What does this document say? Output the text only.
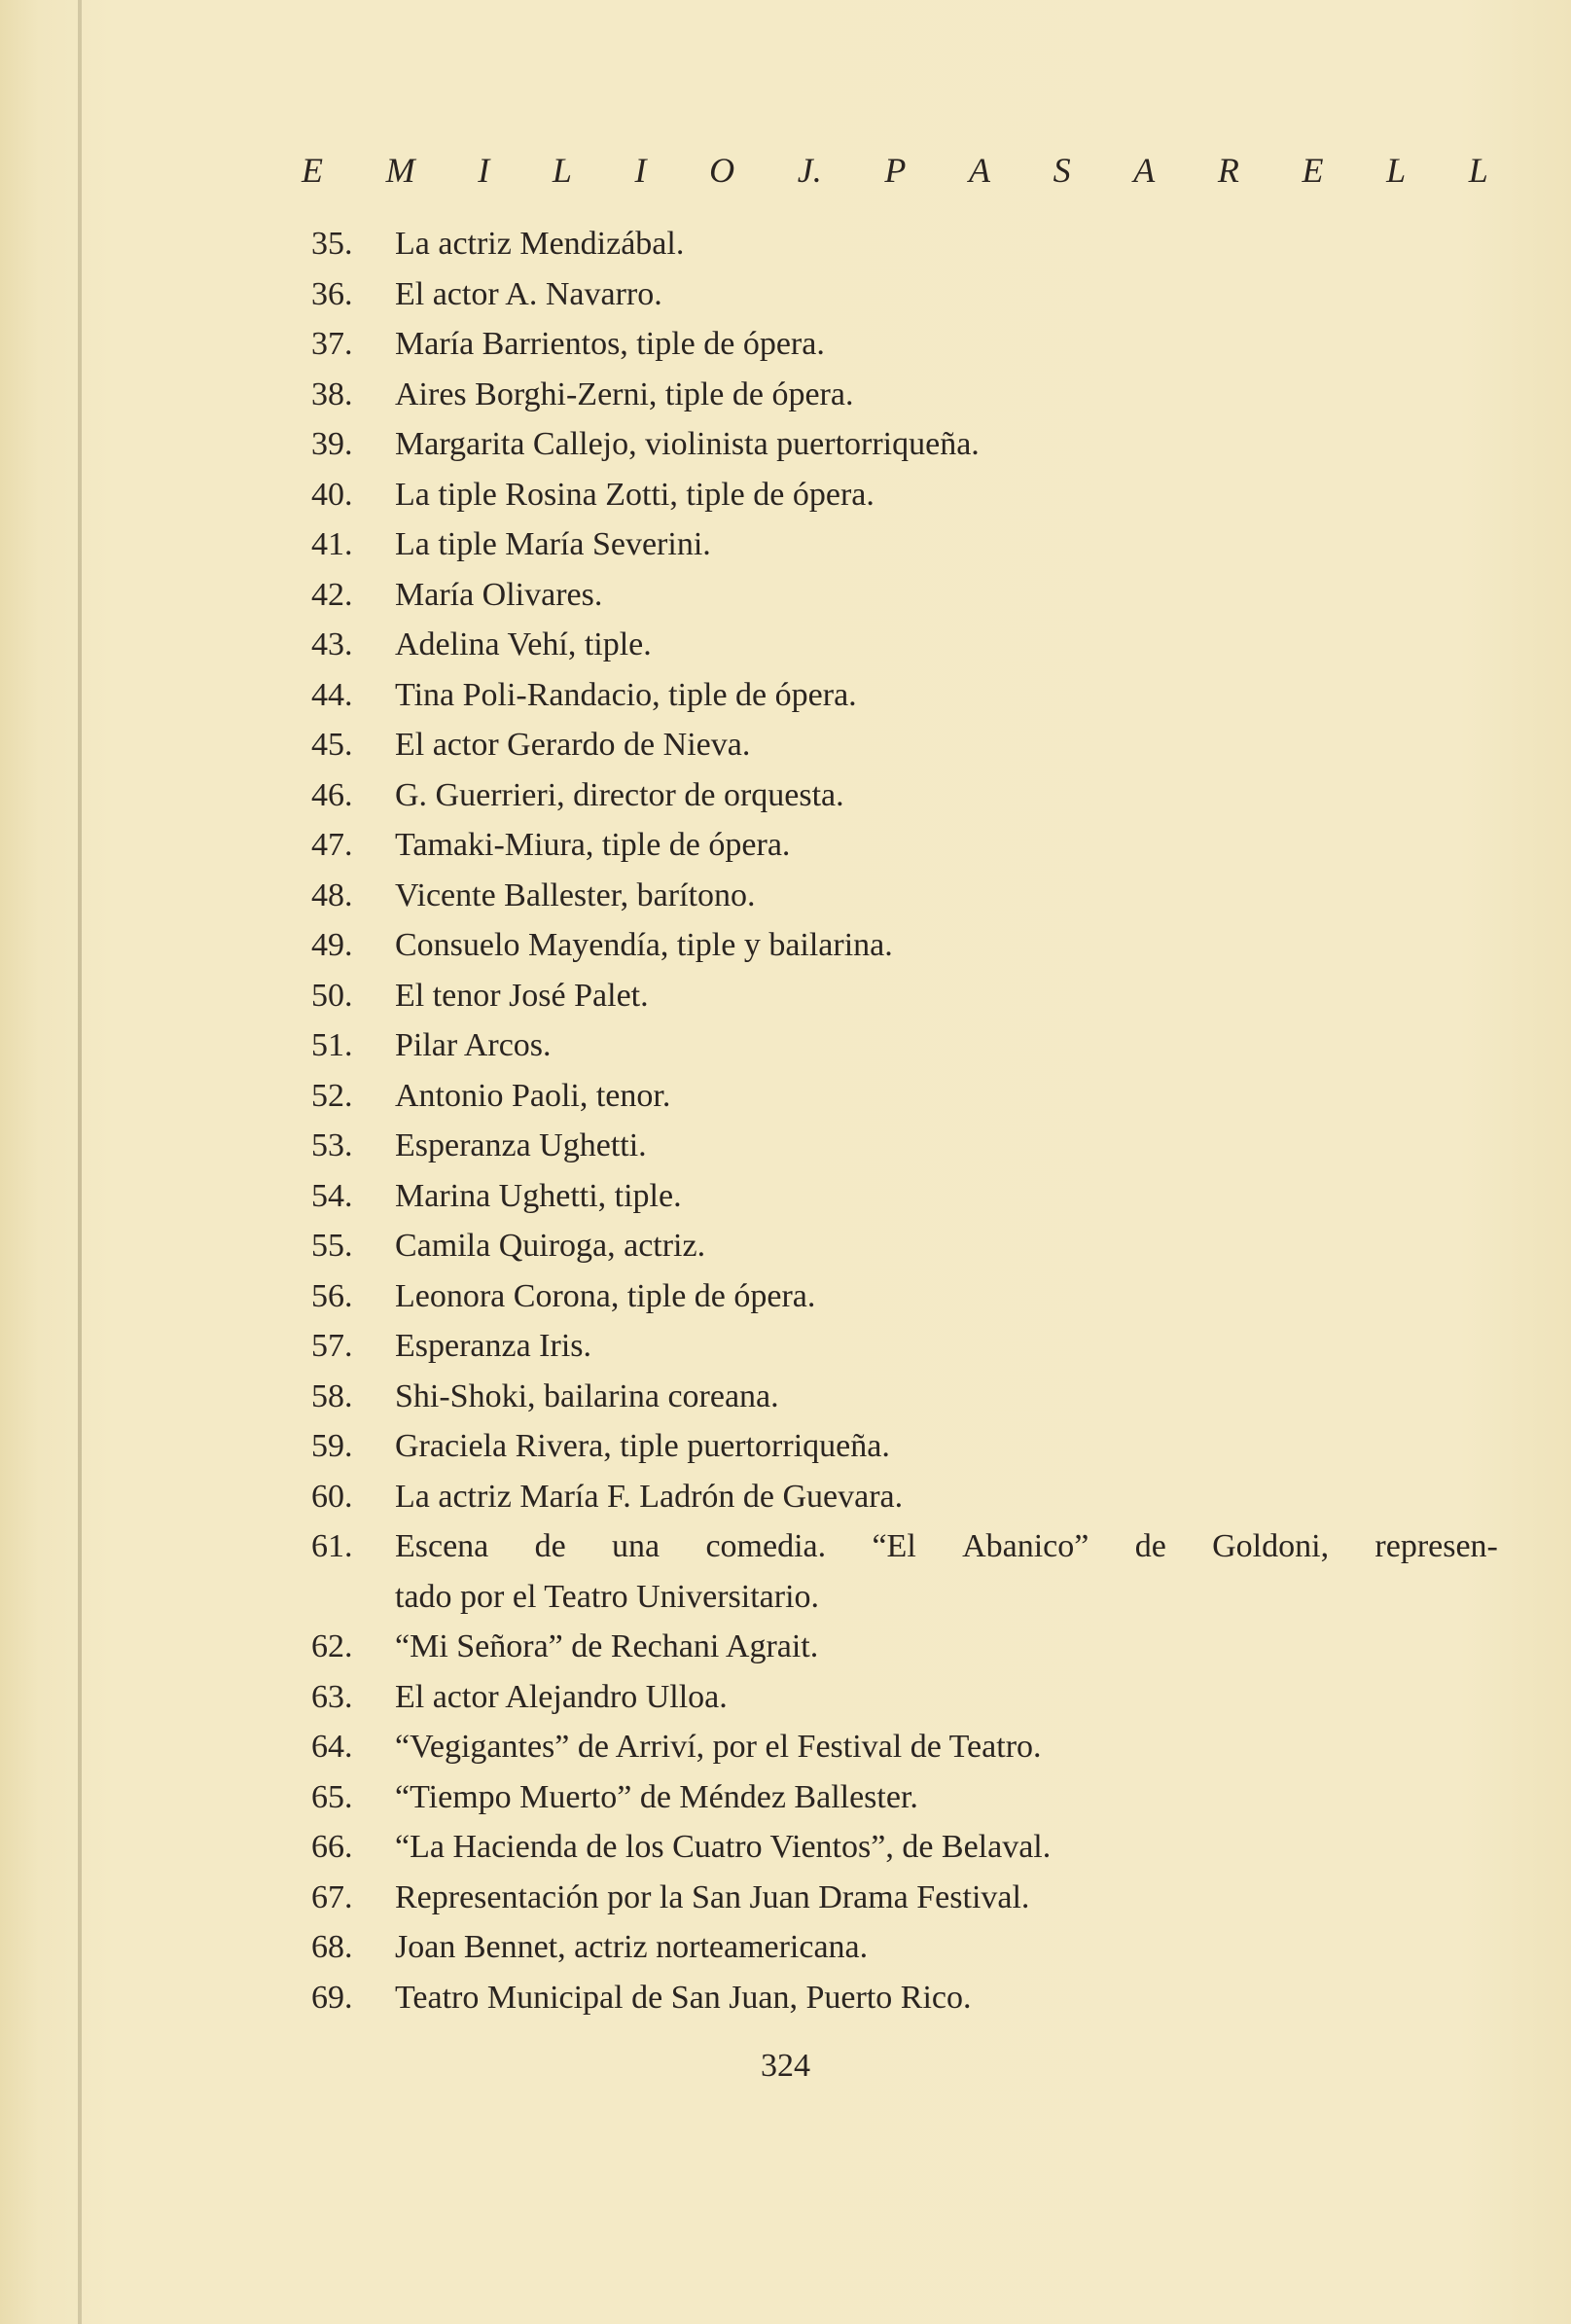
E M I L I O J. P A S A R E L L
35.	La actriz Mendizábal.
36.	El actor A. Navarro.
37.	María Barrientos, tiple de ópera.
38.	Aires Borghi-Zerni, tiple de ópera.
39.	Margarita Callejo, violinista puertorriqueña.
40.	La tiple Rosina Zotti, tiple de ópera.
41.	La tiple María Severini.
42.	María Olivares.
43.	Adelina Vehí, tiple.
44.	Tina Poli-Randacio, tiple de ópera.
45.	El actor Gerardo de Nieva.
46.	G. Guerrieri, director de orquesta.
47.	Tamaki-Miura, tiple de ópera.
48.	Vicente Ballester, barítono.
49.	Consuelo Mayendía, tiple y bailarina.
50.	El tenor José Palet.
51.	Pilar Arcos.
52.	Antonio Paoli, tenor.
53.	Esperanza Ughetti.
54.	Marina Ughetti, tiple.
55.	Camila Quiroga, actriz.
56.	Leonora Corona, tiple de ópera.
57.	Esperanza Iris.
58.	Shi-Shoki, bailarina coreana.
59.	Graciela Rivera, tiple puertorriqueña.
60.	La actriz María F. Ladrón de Guevara.
61.	Escena de una comedia. “El Abanico” de Goldoni, represen-
tado por el Teatro Universitario.
62.	“Mi Señora” de Rechani Agrait.
63.	El actor Alejandro Ulloa.
64.	“Vegigantes” de Arriví, por el Festival de Teatro.
65.	“Tiempo Muerto” de Méndez Ballester.
66.	“La Hacienda de los Cuatro Vientos”, de Belaval.
67.	Representación por la San Juan Drama Festival.
68.	Joan Bennet, actriz norteamericana.
69.	Teatro Municipal de San Juan, Puerto Rico.
324
